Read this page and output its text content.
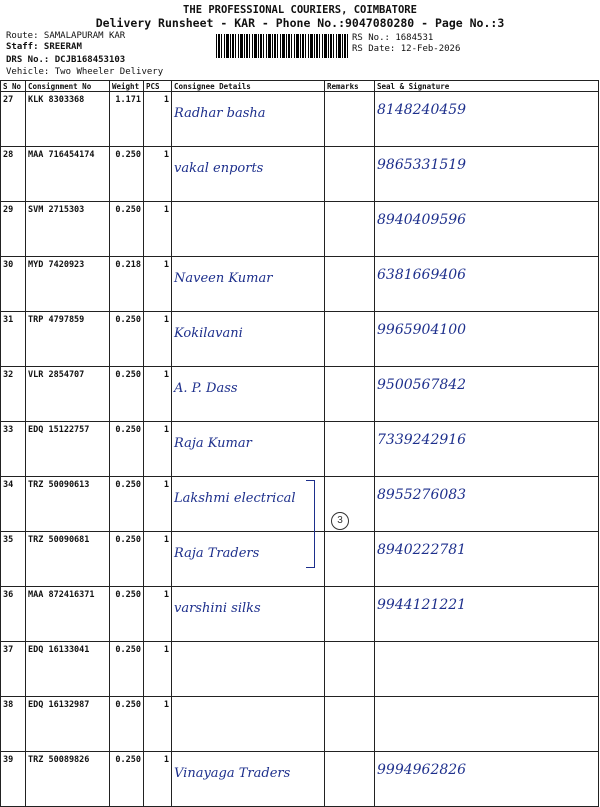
THE PROFESSIONAL COURIERS, COIMBATORE
Delivery Runsheet - KAR - Phone No.:9047080280 - Page No.:3
Route: SAMALAPURAM KAR
Staff: SREERAM
DRS No.: DCJB168453103
Vehicle: Two Wheeler Delivery
RS No.: 1684531
RS Date: 12-Feb-2026
S No	Consignment No	Weight	PCS	Consignee Details	Remarks	Seal & Signature
27	KLK 8303368	1.171	1	Radhar basha		8148240459
28	MAA 716454174	0.250	1	vakal enports		9865331519
29	SVM 2715303	0.250	1			8940409596
30	MYD 7420923	0.218	1	Naveen Kumar		6381669406
31	TRP 4797859	0.250	1	Kokilavani		9965904100
32	VLR 2854707	0.250	1	A. P. Dass		9500567842
33	EDQ 15122757	0.250	1	Raja Kumar		7339242916
34	TRZ 50090613	0.250	1	Lakshmi electrical		8955276083
35	TRZ 50090681	0.250	1	Raja Traders		8940222781
36	MAA 872416371	0.250	1	varshini silks		9944121221
37	EDQ 16133041	0.250	1			
38	EDQ 16132987	0.250	1			
39	TRZ 50089826	0.250	1	Vinayaga Traders		9994962826
3
